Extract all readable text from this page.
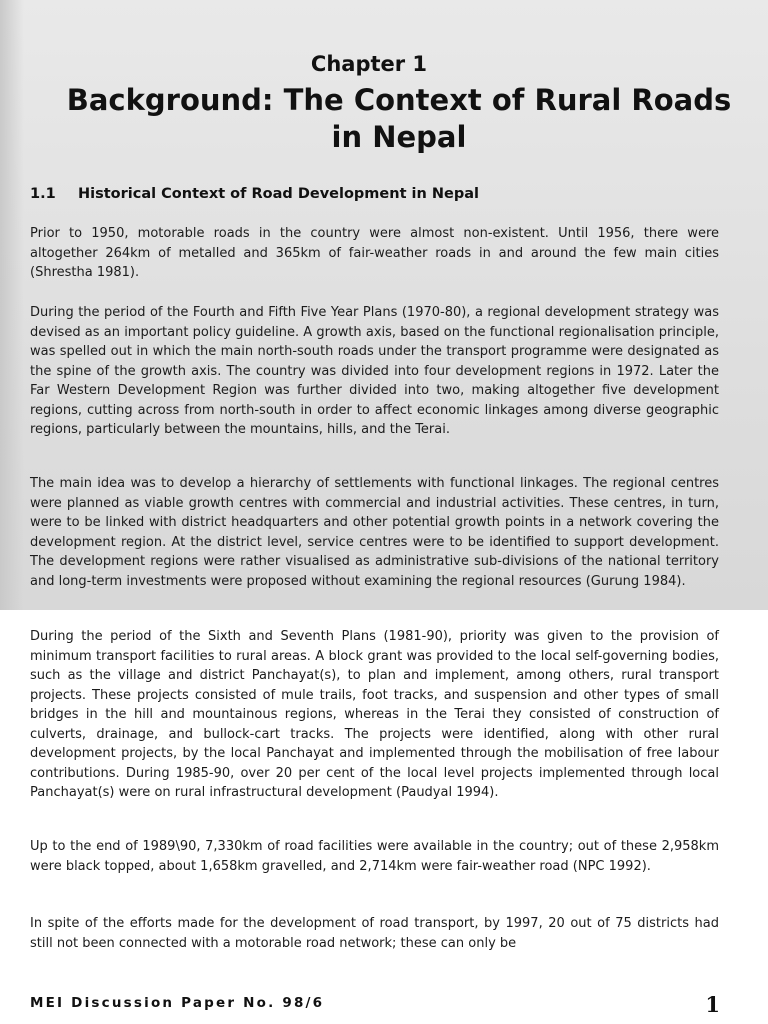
Chapter 1
Background: The Context of Rural Roads in Nepal
1.1 Historical Context of Road Development in Nepal

Prior to 1950, motorable roads in the country were almost non-existent. Until 1956, there were altogether 264km of metalled and 365km of fair-weather roads in and around the few main cities (Shrestha 1981).

During the period of the Fourth and Fifth Five Year Plans (1970-80), a regional development strategy was devised as an important policy guideline. A growth axis, based on the functional regionalisation principle, was spelled out in which the main north-south roads under the transport programme were designated as the spine of the growth axis. The country was divided into four development regions in 1972. Later the Far Western Development Region was further divided into two, making altogether five development regions, cutting across from north-south in order to affect economic linkages among diverse geographic regions, particularly between the mountains, hills, and the Terai.

The main idea was to develop a hierarchy of settlements with functional linkages. The regional centres were planned as viable growth centres with commercial and industrial activities. These centres, in turn, were to be linked with district headquarters and other potential growth points in a network covering the development region. At the district level, service centres were to be identified to support development. The development regions were rather visualised as administrative sub-divisions of the national territory and long-term investments were proposed without examining the regional resources (Gurung 1984).

During the period of the Sixth and Seventh Plans (1981-90), priority was given to the provision of minimum transport facilities to rural areas. A block grant was provided to the local self-governing bodies, such as the village and district Panchayat(s), to plan and implement, among others, rural transport projects. These projects consisted of mule trails, foot tracks, and suspension and other types of small bridges in the hill and mountainous regions, whereas in the Terai they consisted of construction of culverts, drainage, and bullock-cart tracks. The projects were identified, along with other rural development projects, by the local Panchayat and implemented through the mobilisation of free labour contributions. During 1985-90, over 20 per cent of the local level projects implemented through local Panchayat(s) were on rural infrastructural development (Paudyal 1994).

Up to the end of 1989\90, 7,330km of road facilities were available in the country; out of these 2,958km were black topped, about 1,658km gravelled, and 2,714km were fair-weather road (NPC 1992).

In spite of the efforts made for the development of road transport, by 1997, 20 out of 75 districts had still not been connected with a motorable road network; these can only be

MEI Discussion Paper No. 98/6	1
